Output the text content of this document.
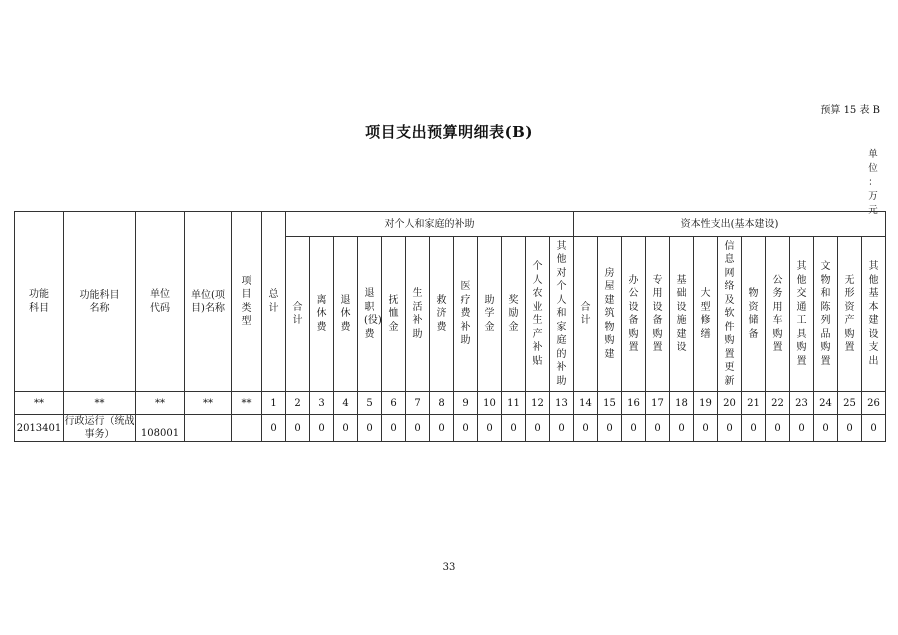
预算 15 表 B
项目支出预算明细表(B)
单
位
：
万
元
功能科目	功能科目名称	单位代码	单位(项目)名称	项目类型	总计	对个人和家庭的补助												资本性支出(基本建设)												
						合计	离休费	退休费	退职(役)费	抚恤金	生活补助	救济费	医疗费补助	助学金	奖励金	个人农业生产补贴	其他对个人和家庭的补助	合计	房屋建筑物购建	办公设备购置	专用设备购置	基础设施建设	大型修缮	信息网络及软件购置更新	物资储备	公务用车购置	其他交通工具购置	文物和陈列品购置	无形资产购置	其他基本建设支出
**	**	**	**	**	1	2	3	4	5	6	7	8	9	10	11	12	13	14	15	16	17	18	19	20	21	22	23	24	25	26
2013401	行政运行（统战事务）	108001			0	0	0	0	0	0	0	0	0	0	0	0	0	0	0	0	0	0	0	0	0	0	0	0	0	0
33
